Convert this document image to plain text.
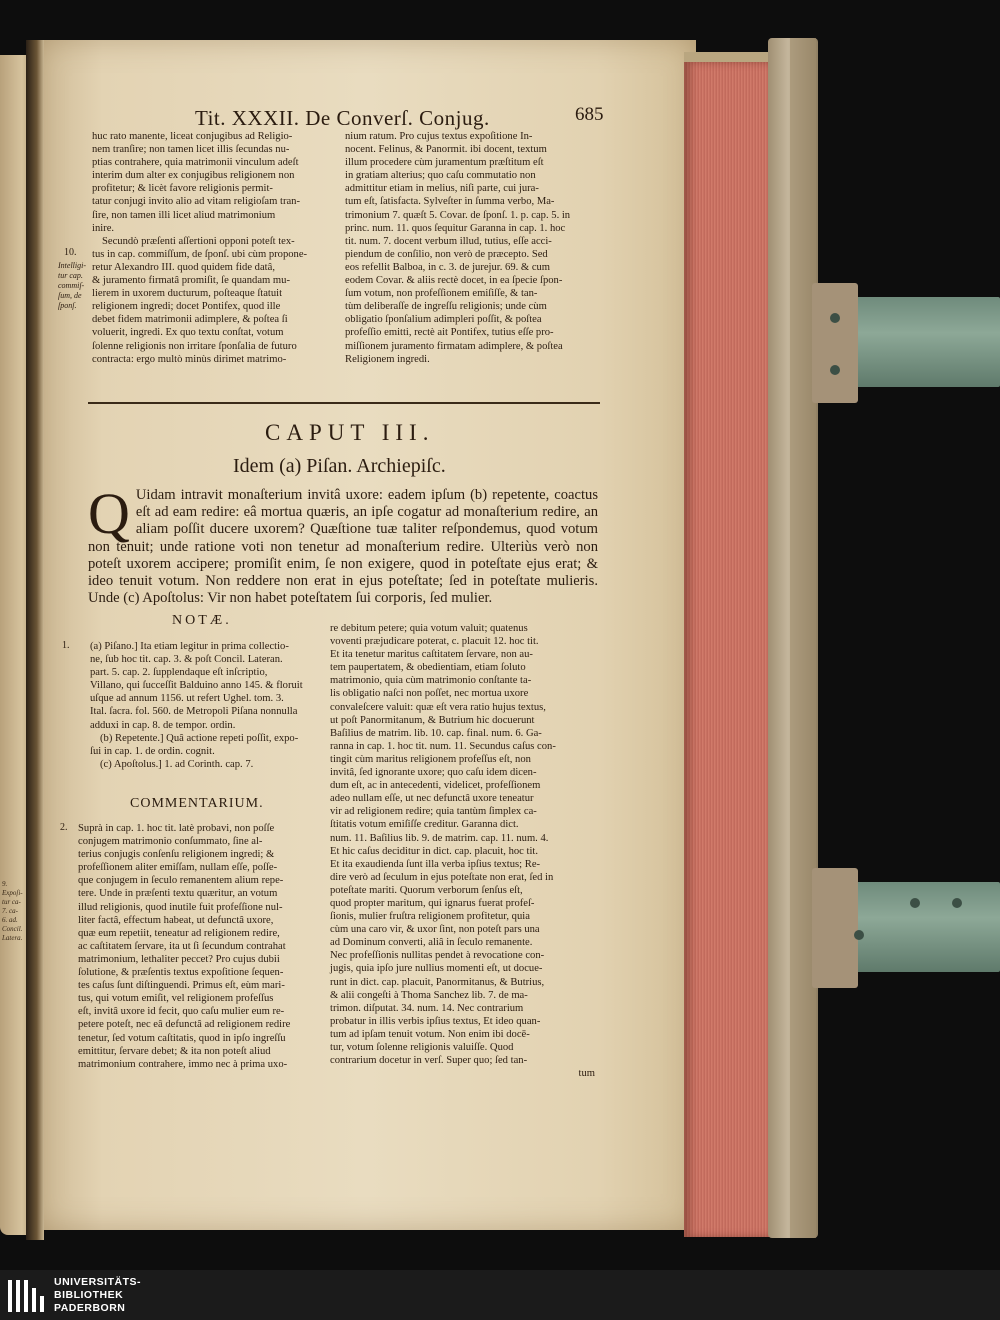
9.
Expoſi-
tur ca-
7. ca-
6. ad.
Concil.
Latera.
Tit. XXXII. De Converſ. Conjug.	685

huc rato manente, liceat conjugibus ad Religio-

nem tranſire; non tamen licet illis ſecundas nu-

ptias contrahere, quia matrimonii vinculum adeſt

interim dum alter ex conjugibus religionem non

profitetur; & licèt favore religionis permit-

tatur conjugi invito alio ad vitam religioſam tran-

ſire, non tamen illi licet aliud matrimonium

inire.

Secundò præſenti aſſertioni opponi poteſt tex-

tus in cap. commiſſum, de ſponſ. ubi cùm propone-

retur Alexandro III. quod quidem fide datâ,

& juramento firmatâ promiſit, ſe quandam mu-

lierem in uxorem ducturum, poſteaque ſtatuit

religionem ingredi; docet Pontifex, quod ille

debet fidem matrimonii adimplere, & poſtea ſi

voluerit, ingredi. Ex quo textu conſtat, votum

ſolenne religionis non irritare ſponſalia de futuro

contracta: ergo multò minùs dirimet matrimo-

nium ratum. Pro cujus textus expoſitione In-

nocent. Felinus, & Panormit. ibi docent, textum

illum procedere cùm juramentum præſtitum eſt

in gratiam alterius; quo caſu commutatio non

admittitur etiam in melius, niſi parte, cui jura-

tum eſt, ſatisfacta. Sylveſter in ſumma verbo, Ma-

trimonium 7. quæſt 5. Covar. de ſponſ. 1. p. cap. 5. in

princ. num. 11. quos ſequitur Garanna in cap. 1. hoc

tit. num. 7. docent verbum illud, tutius, eſſe acci-

piendum de conſilio, non verò de præcepto. Sed

eos refellit Balboa, in c. 3. de jurejur. 69. & cum

eodem Covar. & aliis rectè docet, in ea ſpecie ſpon-

ſum votum, non profeſſionem emiſiſſe, & tan-

tùm deliberaſſe de ingreſſu religionis; unde cùm

obligatio ſponſalium adimpleri poſſit, & poſtea

profeſſio emitti, rectè ait Pontifex, tutius eſſe pro-

miſſionem juramento firmatam adimplere, & poſtea

Religionem ingredi.

10.
Intelligi-
tur cap.
commiſ-
ſum, de
ſponſ.
1.
2.
CAPUT III.
Idem (a) Piſan. Archiepiſc.
Q Uidam intravit monaſterium invitâ uxore: eadem ipſum (b) repetente, coactus eſt ad eam redire: eâ mortua quæris, an ipſe cogatur ad monaſterium redire, an aliam poſſit ducere uxorem? Quæſtione tuæ taliter reſpondemus, quod votum non tenuit; unde ratione voti non tenetur ad monaſterium redire. Ulteriùs verò non poteſt uxorem accipere; promiſit enim, ſe non exigere, quod in poteſtate ejus erat; & ideo tenuit votum. Non reddere non erat in ejus poteſtate; ſed in poteſtate mulieris. Unde (c) Apoſtolus: Vir non habet poteſtatem ſui corporis, ſed mulier.
NOTÆ.

(a) Piſano.] Ita etiam legitur in prima collectio-

ne, ſub hoc tit. cap. 3. & poſt Concil. Lateran.

part. 5. cap. 2. ſupplendaque eſt inſcriptio,

Villano, qui ſucceſſit Balduino anno 145. & floruit

uſque ad annum 1156. ut refert Ughel. tom. 3.

Ital. ſacra. fol. 560. de Metropoli Piſana nonnulla

adduxi in cap. 8. de tempor. ordin.

(b) Repetente.] Quâ actione repeti poſſit, expo-

ſui in cap. 1. de ordin. cognit.

(c) Apoſtolus.] 1. ad Corinth. cap. 7.

COMMENTARIUM.

Suprà in cap. 1. hoc tit. latè probavi, non poſſe

conjugem matrimonio conſummato, ſine al-

terius conjugis conſenſu religionem ingredi; &

profeſſionem aliter emiſſam, nullam eſſe, poſſe-

que conjugem in ſeculo remanentem alium repe-

tere. Unde in præſenti textu quæritur, an votum

illud religionis, quod inutile fuit profeſſione nul-

liter factâ, effectum habeat, ut defunctâ uxore,

quæ eum repetiit, teneatur ad religionem redire,

ac caſtitatem ſervare, ita ut ſi ſecundum contrahat

matrimonium, lethaliter peccet? Pro cujus dubii

ſolutione, & præſentis textus expoſitione ſequen-

tes caſus ſunt diſtinguendi. Primus eſt, eùm mari-

tus, qui votum emiſit, vel religionem profeſſus

eſt, invitâ uxore id fecit, quo caſu mulier eum re-

petere poteſt, nec eâ defunctâ ad religionem redire

tenetur, ſed votum caſtitatis, quod in ipſo ingreſſu

emittitur, ſervare debet; & ita non poteſt aliud

matrimonium contrahere, immo nec à prima uxo-

re debitum petere; quia votum valuit; quatenus

voventi præjudicare poterat, c. placuit 12. hoc tit.

Et ita tenetur maritus caſtitatem ſervare, non au-

tem paupertatem, & obedientiam, etiam ſoluto

matrimonio, quia cùm matrimonio conſtante ta-

lis obligatio naſci non poſſet, nec mortua uxore

convaleſcere valuit: quæ eſt vera ratio hujus textus,

ut poſt Panormitanum, & Butrium hic docuerunt

Baſilius de matrim. lib. 10. cap. final. num. 6. Ga-

ranna in cap. 1. hoc tit. num. 11. Secundus caſus con-

tingit cùm maritus religionem profeſſus eſt, non

invitâ, ſed ignorante uxore; quo caſu idem dicen-

dum eſt, ac in antecedenti, videlicet, profeſſionem

adeo nullam eſſe, ut nec defunctâ uxore teneatur

vir ad religionem redire; quia tantùm ſimplex ca-

ſtitatis votum emiſiſſe creditur. Garanna dict.

num. 11. Baſilius lib. 9. de matrim. cap. 11. num. 4.

Et hic caſus deciditur in dict. cap. placuit, hoc tit.

Et ita exaudienda ſunt illa verba ipſius textus; Re-

dire verò ad ſeculum in ejus poteſtate non erat, ſed in

poteſtate mariti. Quorum verborum ſenſus eſt,

quod propter maritum, qui ignarus fuerat profeſ-

ſionis, mulier fruſtra religionem profitetur, quia

cùm una caro vir, & uxor ſint, non poteſt pars una

ad Dominum converti, aliâ in ſeculo remanente.

Nec profeſſionis nullitas pendet à revocatione con-

jugis, quia ipſo jure nullius momenti eſt, ut docue-

runt in dict. cap. placuit, Panormitanus, & Butrius,

& alii congeſti à Thoma Sanchez lib. 7. de ma-

trimon. diſputat. 34. num. 14. Nec contrarium

probatur in illis verbis ipſius textus, Et ideo quan-

tum ad ipſam tenuit votum. Non enim ibi docē-

tur, votum ſolenne religionis valuiſſe. Quod

contrarium docetur in verſ. Super quo; ſed tan-

tum

UNIVERSITÄTS-
BIBLIOTHEK
PADERBORN
